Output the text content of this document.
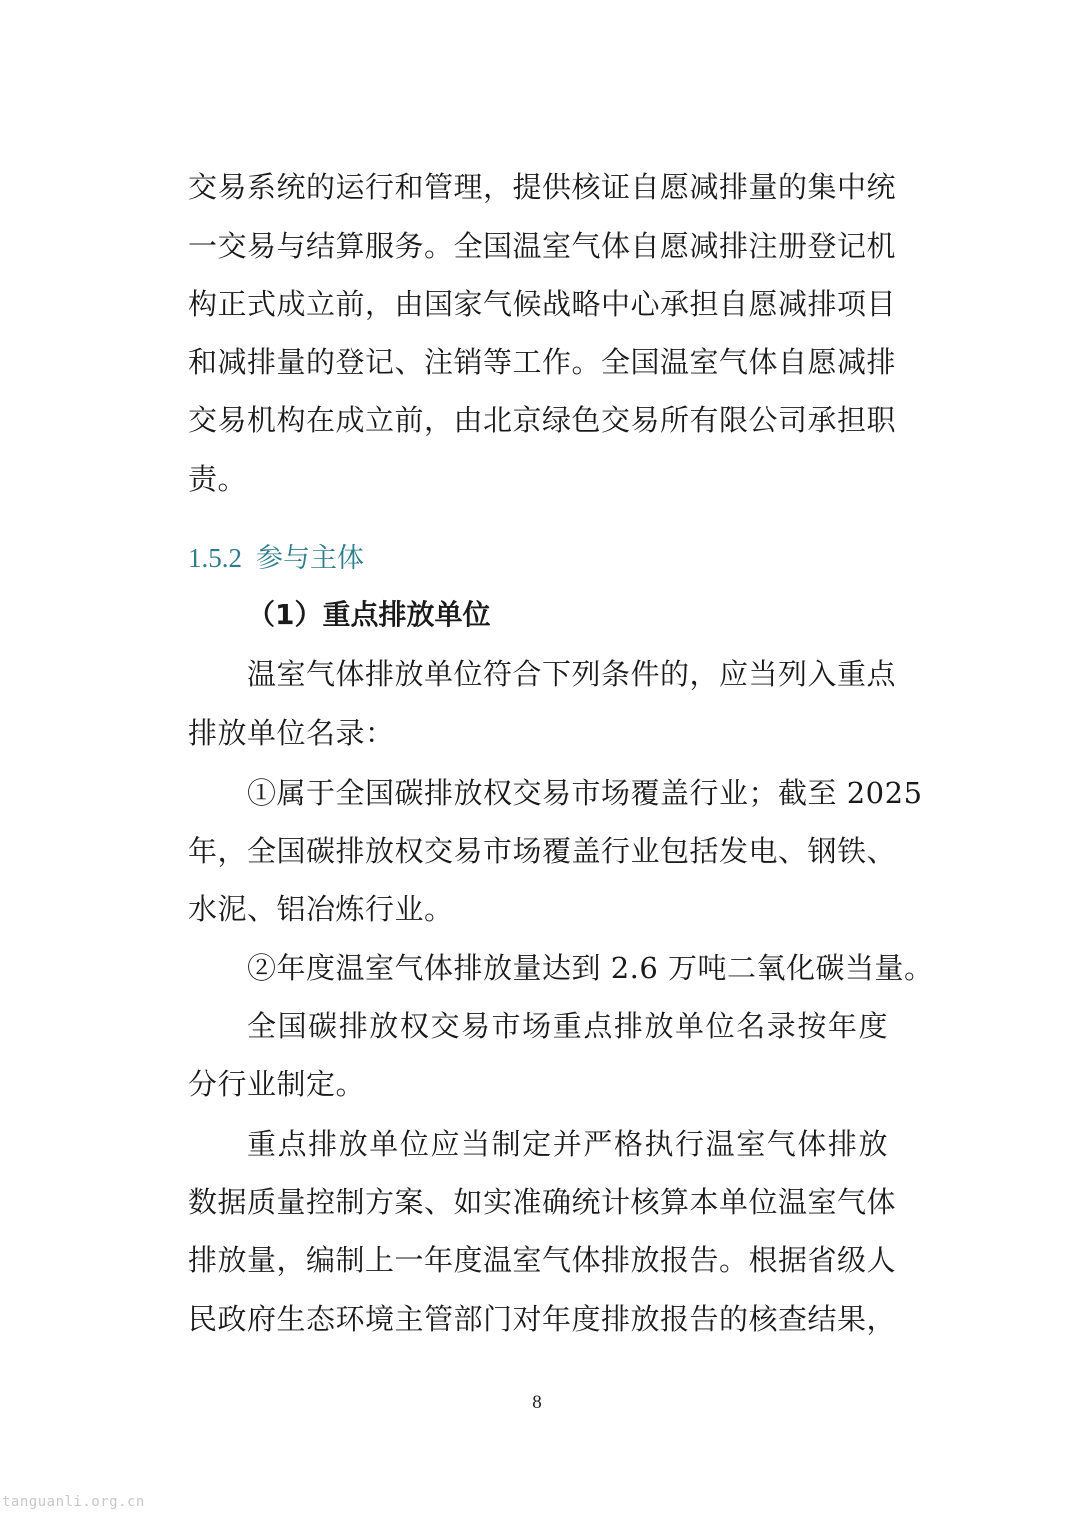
交易系统的运行和管理，提供核证自愿减排量的集中统
一交易与结算服务。全国温室气体自愿减排注册登记机
构正式成立前，由国家气候战略中心承担自愿减排项目
和减排量的登记、注销等工作。全国温室气体自愿减排
交易机构在成立前，由北京绿色交易所有限公司承担职
责。
1.5.2 参与主体
（1）重点排放单位
温室气体排放单位符合下列条件的，应当列入重点
排放单位名录：
①属于全国碳排放权交易市场覆盖行业；截至 2025
年，全国碳排放权交易市场覆盖行业包括发电、钢铁、
水泥、铝冶炼行业。
②年度温室气体排放量达到 2.6 万吨二氧化碳当量。
全国碳排放权交易市场重点排放单位名录按年度
分行业制定。
重点排放单位应当制定并严格执行温室气体排放
数据质量控制方案、如实准确统计核算本单位温室气体
排放量，编制上一年度温室气体排放报告。根据省级人
民政府生态环境主管部门对年度排放报告的核查结果，
8
tanguanli.org.cn
